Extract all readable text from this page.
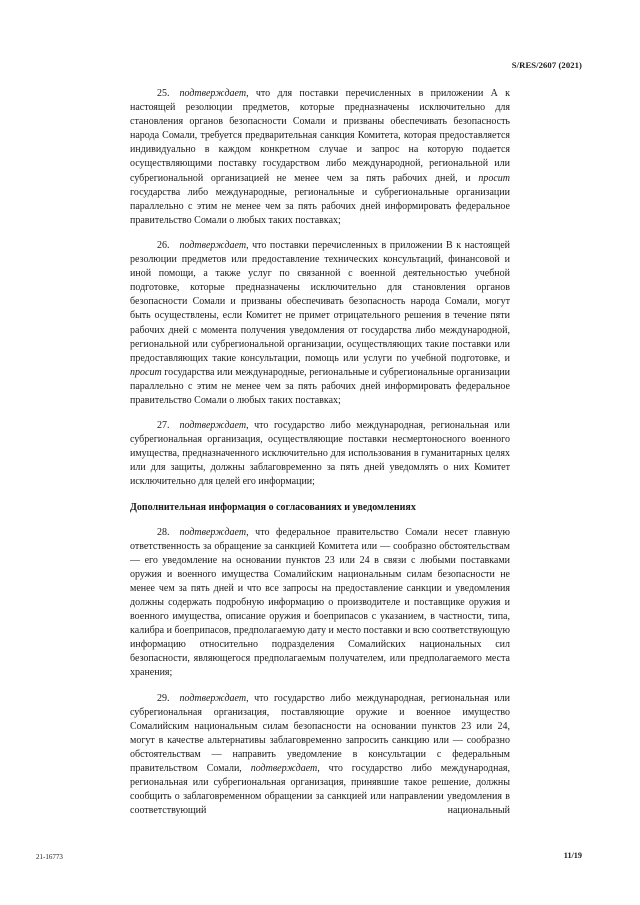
S/RES/2607 (2021)

25. подтверждает, что для поставки перечисленных в приложении А к настоящей резолюции предметов, которые предназначены исключительно для становления органов безопасности Сомали и призваны обеспечивать безопасность народа Сомали, требуется предварительная санкция Комитета, которая предоставляется индивидуально в каждом конкретном случае и запрос на которую подается осуществляющими поставку государством либо международной, региональной или субрегиональной организацией не менее чем за пять рабочих дней, и просит государства либо международные, региональные и субрегиональные организации параллельно с этим не менее чем за пять рабочих дней информировать федеральное правительство Сомали о любых таких поставках;

26. подтверждает, что поставки перечисленных в приложении В к настоящей резолюции предметов или предоставление технических консультаций, финансовой и иной помощи, а также услуг по связанной с военной деятельностью учебной подготовке, которые предназначены исключительно для становления органов безопасности Сомали и призваны обеспечивать безопасность народа Сомали, могут быть осуществлены, если Комитет не примет отрицательного решения в течение пяти рабочих дней с момента получения уведомления от государства либо международной, региональной или субрегиональной организации, осуществляющих такие поставки или предоставляющих такие консультации, помощь или услуги по учебной подготовке, и просит государства или международные, региональные и субрегиональные организации параллельно с этим не менее чем за пять рабочих дней информировать федеральное правительство Сомали о любых таких поставках;

27. подтверждает, что государство либо международная, региональная или субрегиональная организация, осуществляющие поставки несмертоносного военного имущества, предназначенного исключительно для использования в гуманитарных целях или для защиты, должны заблаговременно за пять дней уведомлять о них Комитет исключительно для целей его информации;

Дополнительная информация о согласованиях и уведомлениях

28. подтверждает, что федеральное правительство Сомали несет главную ответственность за обращение за санкцией Комитета или — сообразно обстоятельствам — его уведомление на основании пунктов 23 или 24 в связи с любыми поставками оружия и военного имущества Сомалийским национальным силам безопасности не менее чем за пять дней и что все запросы на предоставление санкции и уведомления должны содержать подробную информацию о производителе и поставщике оружия и военного имущества, описание оружия и боеприпасов с указанием, в частности, типа, калибра и боеприпасов, предполагаемую дату и место поставки и всю соответствующую информацию относительно подразделения Сомалийских национальных сил безопасности, являющегося предполагаемым получателем, или предполагаемого места хранения;

29. подтверждает, что государство либо международная, региональная или субрегиональная организация, поставляющие оружие и военное имущество Сомалийским национальным силам безопасности на основании пунктов 23 или 24, могут в качестве альтернативы заблаговременно запросить санкцию или — сообразно обстоятельствам — направить уведомление в консультации с федеральным правительством Сомали, подтверждает, что государство либо международная, региональная или субрегиональная организация, принявшие такое решение, должны сообщить о заблаговременном обращении за санкцией или направлении уведомления в соответствующий национальный

21-16773	11/19
